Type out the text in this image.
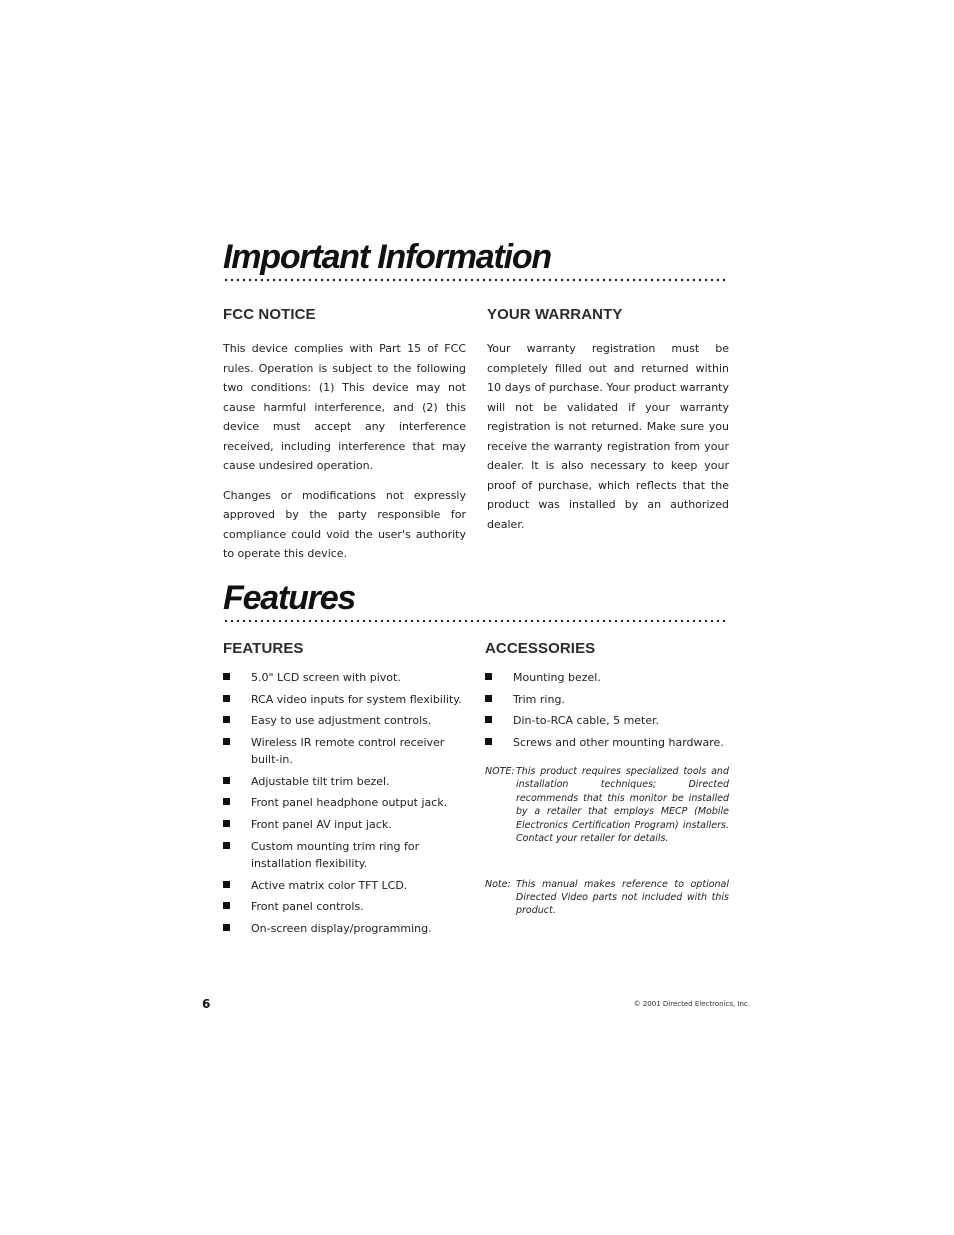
Important Information
FCC NOTICE

This device complies with Part 15 of FCC rules. Operation is subject to the following two conditions: (1) This device may not cause harmful interference, and (2) this device must accept any interference received, including interference that may cause undesired operation.

Changes or modifications not expressly approved by the party responsible for compliance could void the user's authority to operate this device.

YOUR WARRANTY

Your warranty registration must be completely filled out and returned within 10 days of purchase. Your product warranty will not be validated if your warranty registration is not returned. Make sure you receive the warranty registration from your dealer. It is also necessary to keep your proof of purchase, which reflects that the product was installed by an authorized dealer.

Features
FEATURES
5.0" LCD screen with pivot.
RCA video inputs for system flexibility.
Easy to use adjustment controls.
Wireless IR remote control receiver built-in.
Adjustable tilt trim bezel.
Front panel headphone output jack.
Front panel AV input jack.
Custom mounting trim ring for installation flexibility.
Active matrix color TFT LCD.
Front panel controls.
On-screen display/programming.
ACCESSORIES
Mounting bezel.
Trim ring.
Din-to-RCA cable, 5 meter.
Screws and other mounting hardware.
NOTE: This product requires specialized tools and installation techniques; Directed recommends that this monitor be installed by a retailer that employs MECP (Mobile Electronics Certification Program) installers. Contact your retailer for details.
Note: This manual makes reference to optional Directed Video parts not included with this product.
6	© 2001 Directed Electronics, Inc.
